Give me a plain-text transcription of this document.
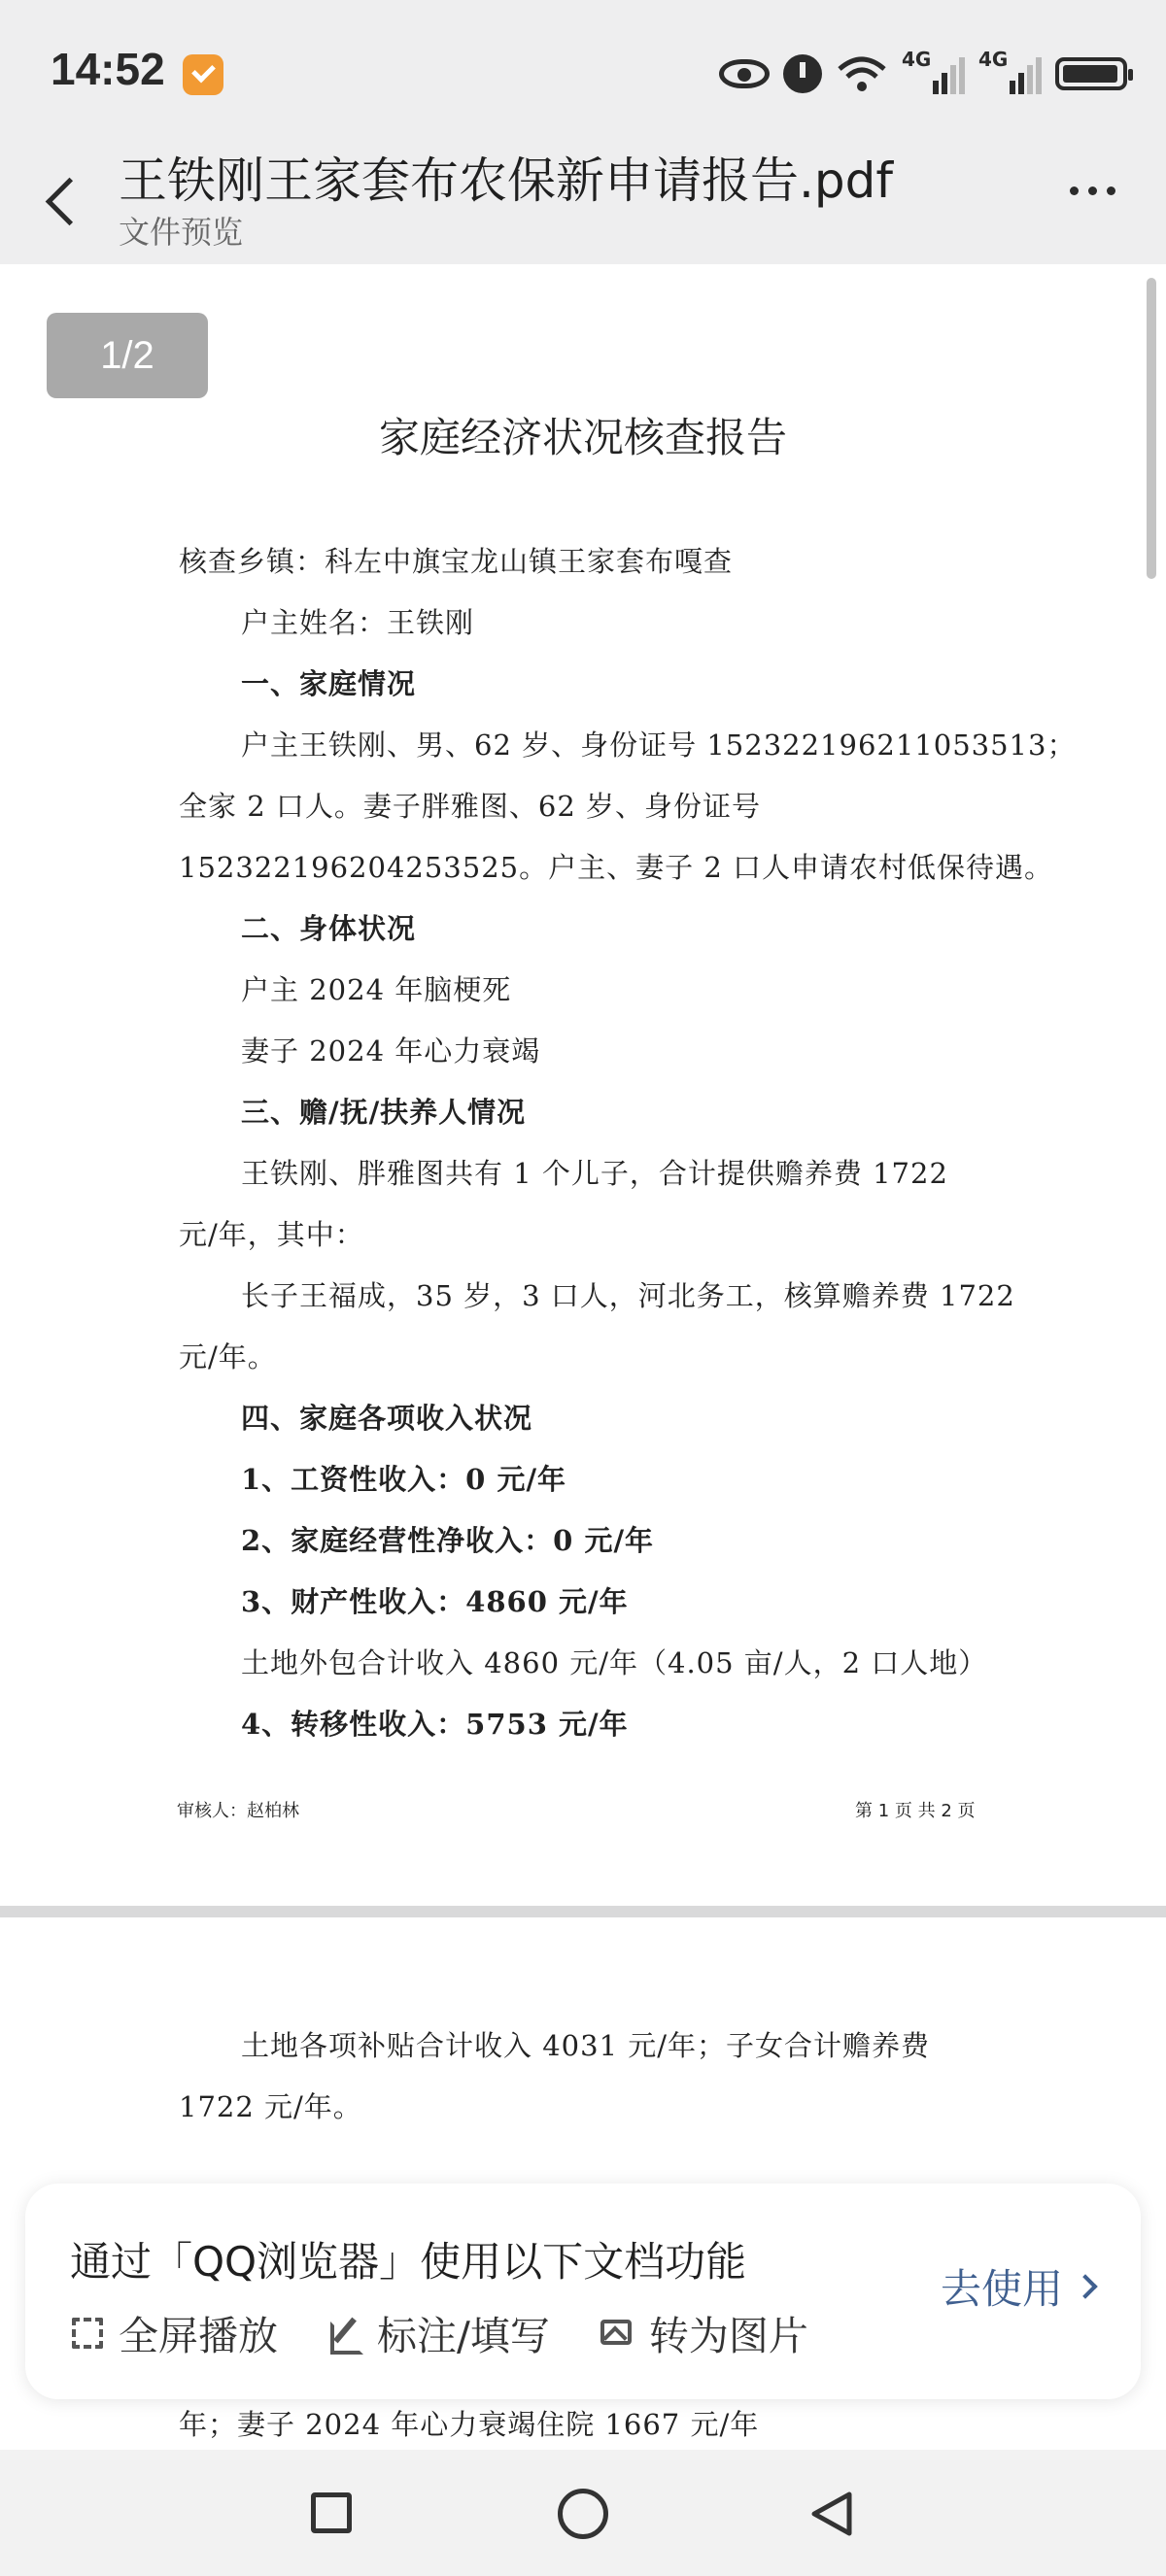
14:52	4G 4G
王铁刚王家套布农保新申请报告.pdf
文件预览
1/2
家庭经济状况核查报告
核查乡镇：科左中旗宝龙山镇王家套布嘎查
户主姓名：王铁刚
一、家庭情况
户主王铁刚、男、62 岁、身份证号 152322196211053513；
全家 2 口人。妻子胖雅图、62 岁、身份证号
152322196204253525。户主、妻子 2 口人申请农村低保待遇。
二、身体状况
户主 2024 年脑梗死
妻子 2024 年心力衰竭
三、赡/抚/扶养人情况
王铁刚、胖雅图共有 1 个儿子，合计提供赡养费 1722
元/年，其中：
长子王福成，35 岁，3 口人，河北务工，核算赡养费 1722
元/年。
四、家庭各项收入状况
1、工资性收入：0 元/年
2、家庭经营性净收入：0 元/年
3、财产性收入：4860 元/年
土地外包合计收入 4860 元/年（4.05 亩/人，2 口人地）
4、转移性收入：5753 元/年
审核人：赵柏林	第 1 页 共 2 页
土地各项补贴合计收入 4031 元/年；子女合计赡养费
1722 元/年。
年；妻子 2024 年心力衰竭住院 1667 元/年
通过「QQ浏览器」使用以下文档功能
全屏播放 标注/填写 转为图片
去使用
